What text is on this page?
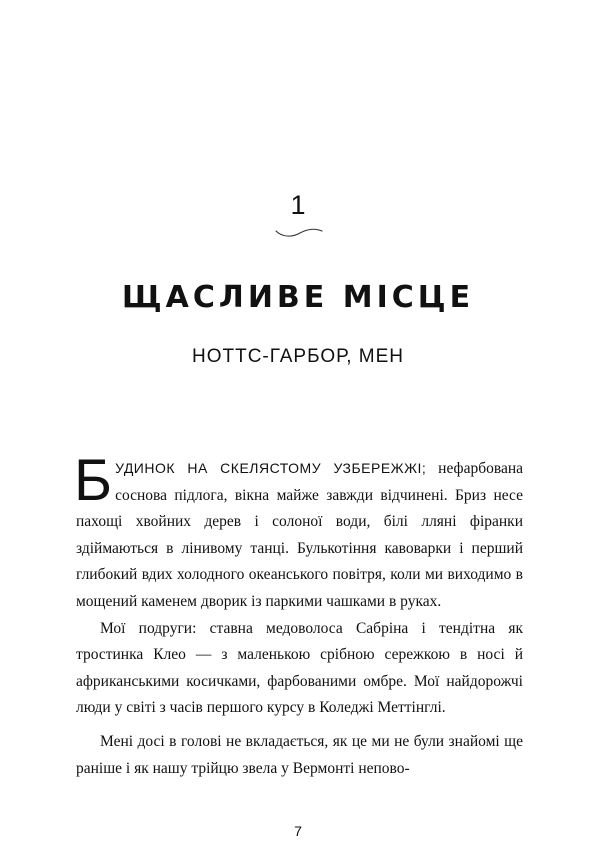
1
ЩАСЛИВЕ МІСЦЕ
НОТТС-ГАРБОР, МЕН

БУДИНОК НА СКЕЛЯСТОМУ УЗБЕРЕЖЖІ; нефарбована соснова підлога, вікна майже завжди відчинені. Бриз несе пахощі хвойних дерев і солоної води, білі лляні фіранки здіймаються в лінивому танці. Булькотіння кавоварки і перший глибокий вдих холодного океанського повітря, коли ми виходимо в мощений каменем дворик із паркими чашками в руках.

Мої подруги: ставна медоволоса Сабріна і тендітна як тростинка Клео — з маленькою срібною сережкою в носі й африканськими косичками, фарбованими омбре. Мої найдорожчі люди у світі з часів першого курсу в Коледжі Меттінглі.

Мені досі в голові не вкладається, як це ми не були знайомі ще раніше і як нашу трійцю звела у Вермонті непово-

7
